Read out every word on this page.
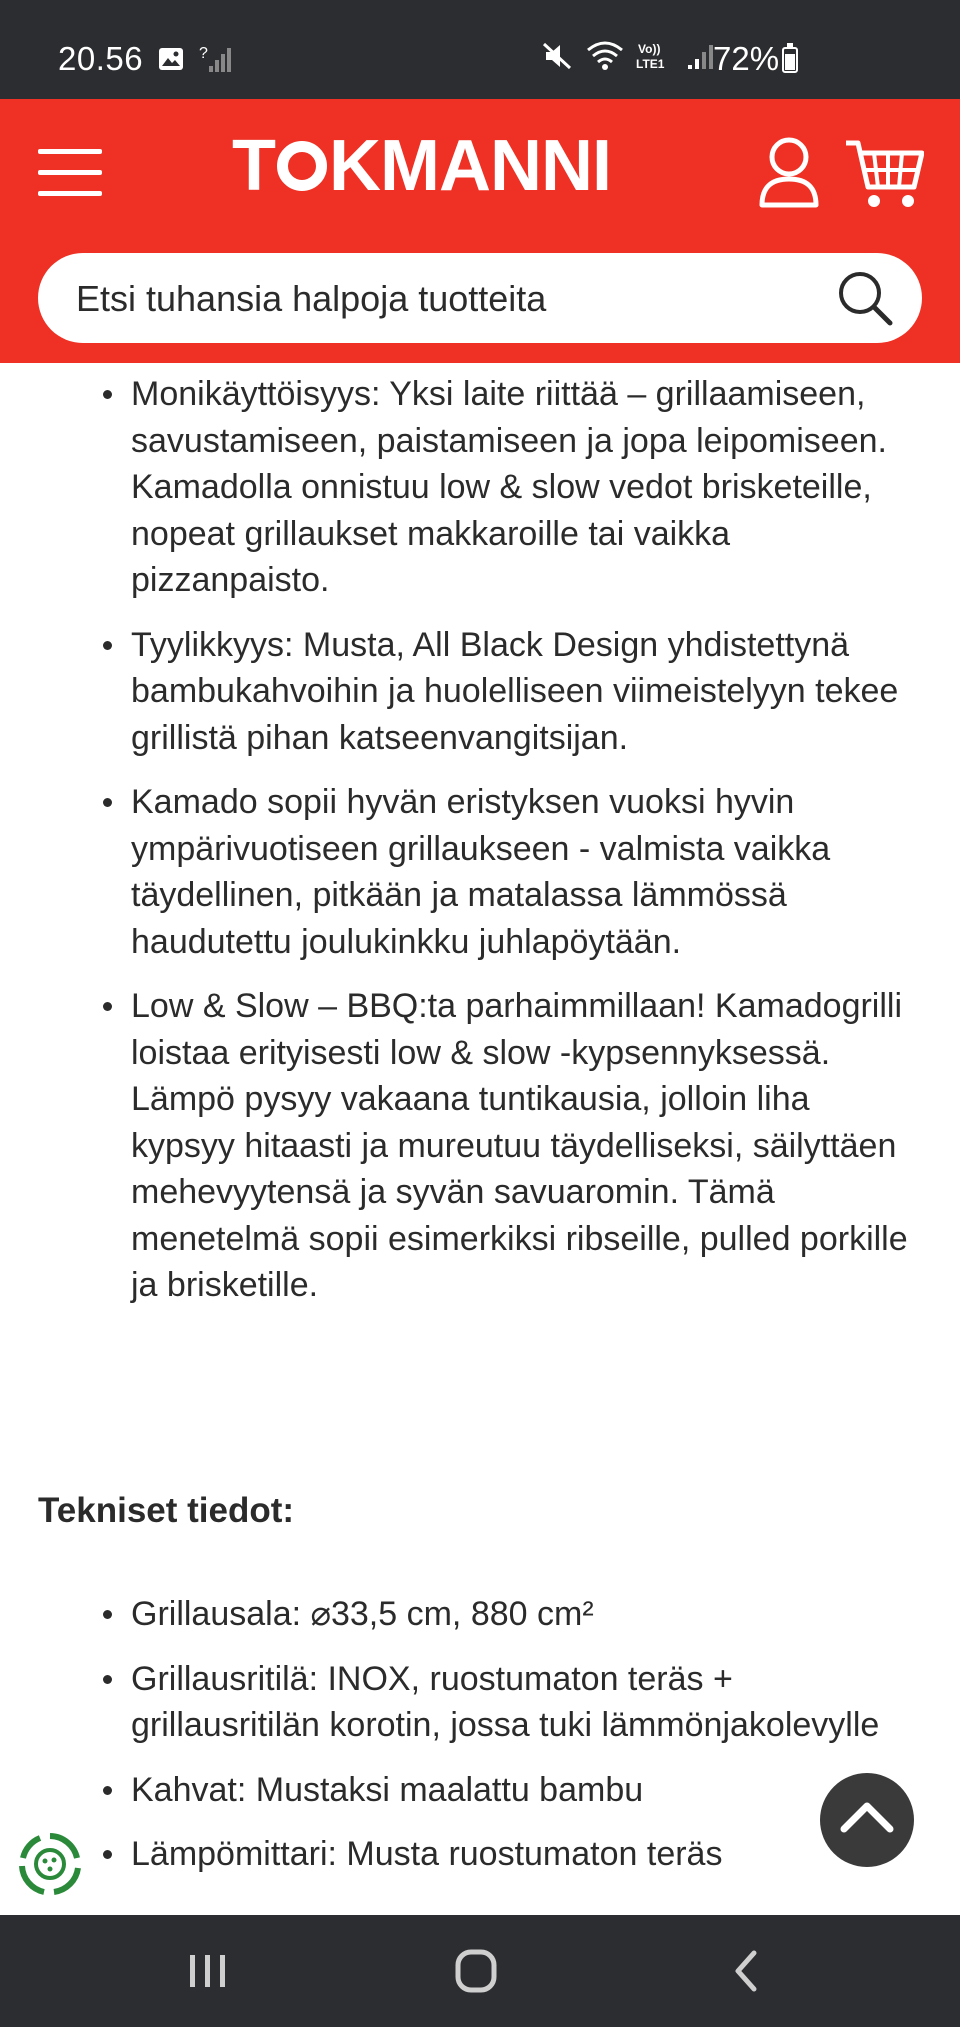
20.56	?	Vo))
LTE1 72%
T KMANNI
Etsi tuhansia halpoja tuotteita
Monikäyttöisyys: Yksi laite riittää – grillaamiseen, savustamiseen, paistamiseen ja jopa leipomiseen. Kamadolla onnistuu low & slow vedot brisketeille, nopeat grillaukset makkaroille tai vaikka pizzanpaisto.
Tyylikkyys: Musta, All Black Design yhdistettynä bambukahvoihin ja huolelliseen viimeistelyyn tekee grillistä pihan katseenvangitsijan.
Kamado sopii hyvän eristyksen vuoksi hyvin ympärivuotiseen grillaukseen - valmista vaikka täydellinen, pitkään ja matalassa lämmössä haudutettu joulukinkku juhlapöytään.
Low & Slow – BBQ:ta parhaimmillaan! Kamadogrilli loistaa erityisesti low & slow -kypsennyksessä. Lämpö pysyy vakaana tuntikausia, jolloin liha kypsyy hitaasti ja mureutuu täydelliseksi, säilyttäen mehevyytensä ja syvän savuaromin. Tämä menetelmä sopii esimerkiksi ribseille, pulled porkille ja brisketille.
Tekniset tiedot:
Grillausala: ⌀33,5 cm, 880 cm²
Grillausritilä: INOX, ruostumaton teräs + grillausritilän korotin, jossa tuki lämmönjakolevylle
Kahvat: Mustaksi maalattu bambu
Lämpömittari: Musta ruostumaton teräs
